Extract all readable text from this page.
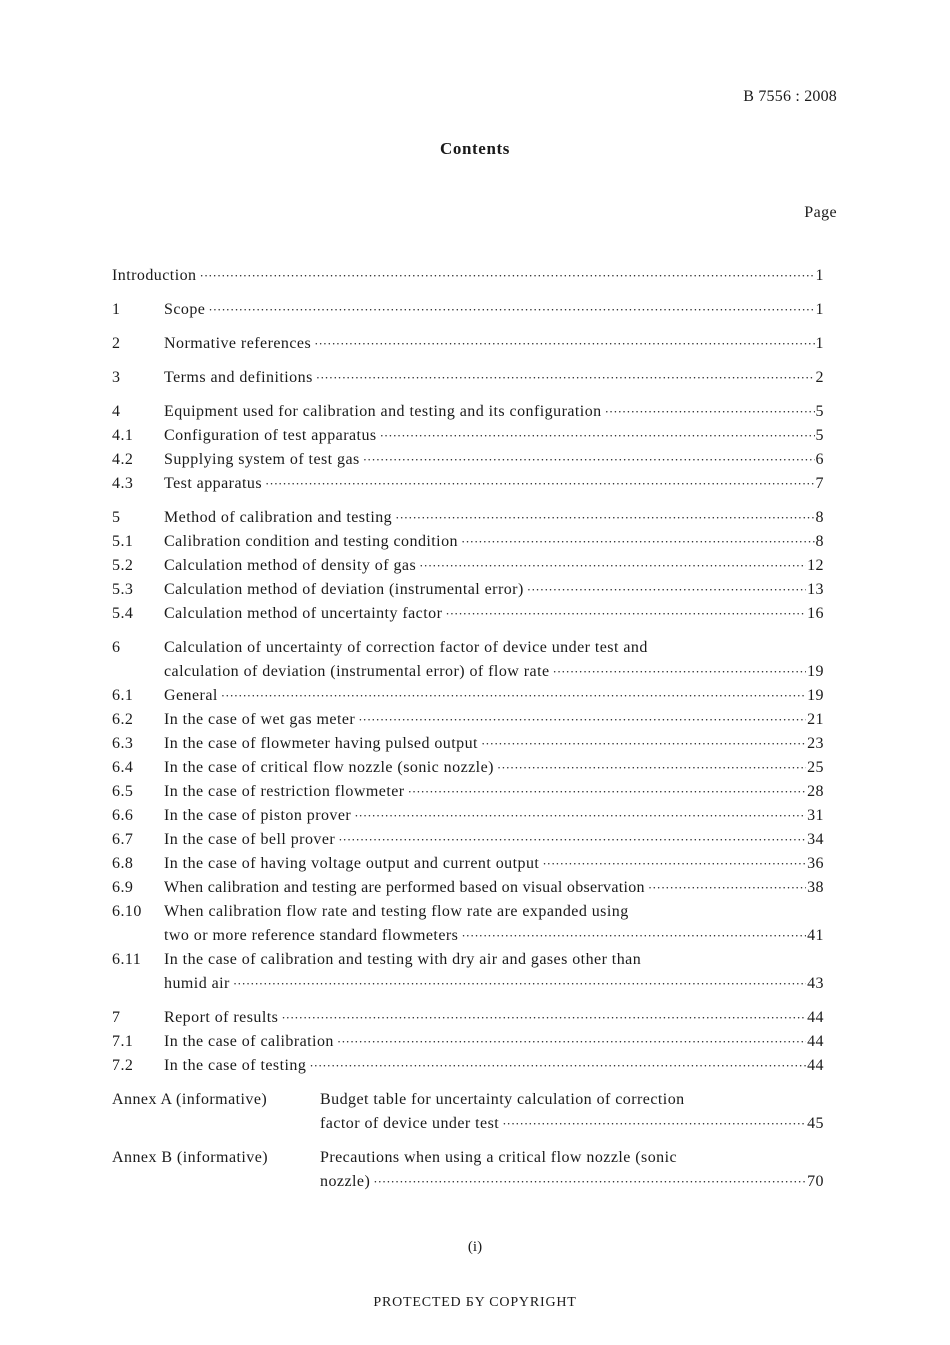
B 7556 : 2008
Contents
Page
Introduction ·····	1
1	Scope ·····	1
2	Normative references ·····	1
3	Terms and definitions ·····	2
4	Equipment used for calibration and testing and its configuration ·····	5
4.1	Configuration of test apparatus ·····	5
4.2	Supplying system of test gas ·····	6
4.3	Test apparatus ·····	7
5	Method of calibration and testing ·····	8
5.1	Calibration condition and testing condition ·····	8
5.2	Calculation method of density of gas ·····	12
5.3	Calculation method of deviation (instrumental error) ·····	13
5.4	Calculation method of uncertainty factor ·····	16
6	Calculation of uncertainty of correction factor of device under test and
calculation of deviation (instrumental error) of flow rate ·····	19
6.1	General ·····	19
6.2	In the case of wet gas meter ·····	21
6.3	In the case of flowmeter having pulsed output ·····	23
6.4	In the case of critical flow nozzle (sonic nozzle) ·····	25
6.5	In the case of restriction flowmeter ·····	28
6.6	In the case of piston prover ·····	31
6.7	In the case of bell prover ·····	34
6.8	In the case of having voltage output and current output ·····	36
6.9	When calibration and testing are performed based on visual observation ·····	38
6.10	When calibration flow rate and testing flow rate are expanded using
two or more reference standard flowmeters ·····	41
6.11	In the case of calibration and testing with dry air and gases other than
humid air ·····	43
7	Report of results ·····	44
7.1	In the case of calibration ·····	44
7.2	In the case of testing ·····	44
Annex A (informative)	Budget table for uncertainty calculation of correction
factor of device under test ·····	45
Annex B (informative)	Precautions when using a critical flow nozzle (sonic
nozzle) ·····	70
(i)
PROTECTED БY COPYRIGHT
